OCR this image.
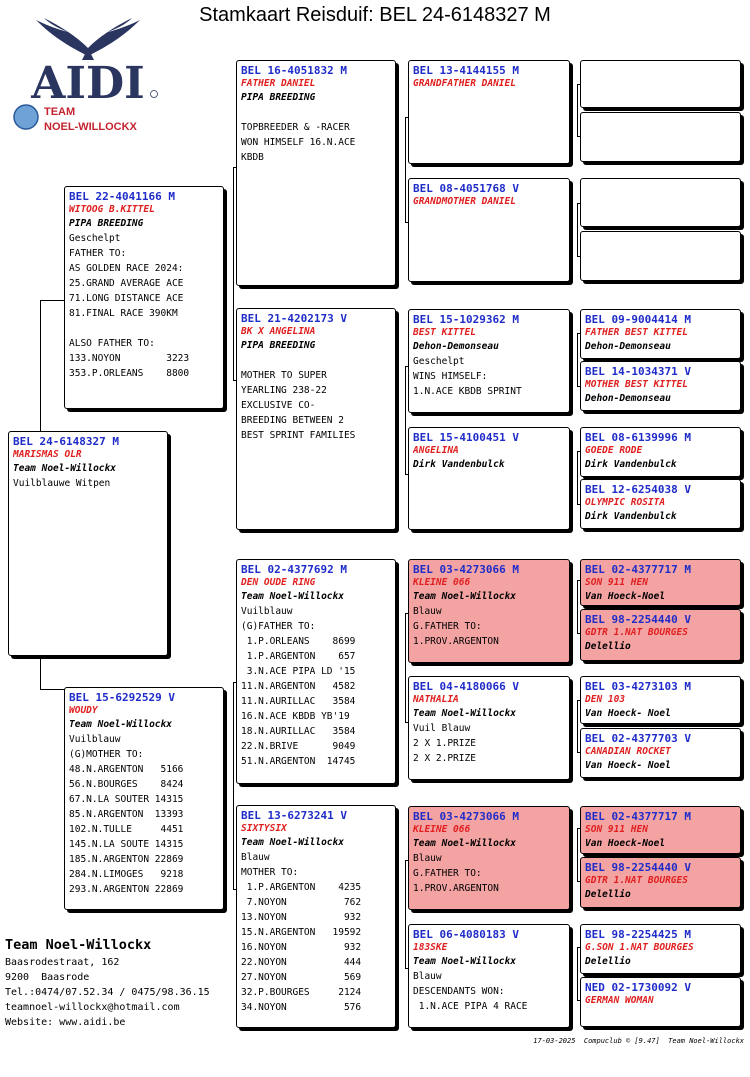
Stamkaart Reisduif: BEL 24-6148327 M
AIDI
TEAM
NOEL-WILLOCKX
BEL 24-6148327 M
MARISMAS OLR
Team Noel-Willockx
Vuilblauwe Witpen
BEL 22-4041166 M
WITOOG B.KITTEL
PIPA BREEDING
Geschelpt
FATHER TO:
AS GOLDEN RACE 2024:
25.GRAND AVERAGE ACE
71.LONG DISTANCE ACE
81.FINAL RACE 390KM

ALSO FATHER TO:
133.NOYON        3223
353.P.ORLEANS    8800
BEL 15-6292529 V
WOUDY
Team Noel-Willockx
Vuilblauw
(G)MOTHER TO:
48.N.ARGENTON   5166
56.N.BOURGES    8424
67.N.LA SOUTER 14315
85.N.ARGENTON  13393
102.N.TULLE     4451
145.N.LA SOUTE 14315
185.N.ARGENTON 22869
284.N.LIMOGES   9218
293.N.ARGENTON 22869
BEL 16-4051832 M
FATHER DANIEL
PIPA BREEDING

TOPBREEDER & -RACER
WON HIMSELF 16.N.ACE
KBDB
BEL 21-4202173 V
BK X ANGELINA
PIPA BREEDING

MOTHER TO SUPER
YEARLING 238-22
EXCLUSIVE CO-
BREEDING BETWEEN 2
BEST SPRINT FAMILIES
BEL 02-4377692 M
DEN OUDE RING
Team Noel-Willockx
Vuilblauw
(G)FATHER TO:
1.P.ORLEANS    8699
1.P.ARGENTON    657
3.N.ACE PIPA LD '15
11.N.ARGENTON   4582
11.N.AURILLAC   3584
16.N.ACE KBDB YB'19
18.N.AURILLAC   3584
22.N.BRIVE      9049
51.N.ARGENTON  14745
BEL 13-6273241 V
SIXTYSIX
Team Noel-Willockx
Blauw
MOTHER TO:
1.P.ARGENTON    4235
7.NOYON          762
13.NOYON          932
15.N.ARGENTON   19592
16.NOYON          932
22.NOYON          444
27.NOYON          569
32.P.BOURGES     2124
34.NOYON          576
BEL 13-4144155 M
GRANDFATHER DANIEL
BEL 08-4051768 V
GRANDMOTHER DANIEL
BEL 15-1029362 M
BEST KITTEL
Dehon-Demonseau
Geschelpt
WINS HIMSELF:
1.N.ACE KBDB SPRINT
BEL 15-4100451 V
ANGELINA
Dirk Vandenbulck
BEL 03-4273066 M
KLEINE 066
Team Noel-Willockx
Blauw
G.FATHER TO:
1.PROV.ARGENTON
BEL 04-4180066 V
NATHALIA
Team Noel-Willockx
Vuil Blauw
2 X 1.PRIZE
2 X 2.PRIZE
BEL 03-4273066 M
KLEINE 066
Team Noel-Willockx
Blauw
G.FATHER TO:
1.PROV.ARGENTON
BEL 06-4080183 V
183SKE
Team Noel-Willockx
Blauw
DESCENDANTS WON:
1.N.ACE PIPA 4 RACE
BEL 09-9004414 M
FATHER BEST KITTEL
Dehon-Demonseau
BEL 14-1034371 V
MOTHER BEST KITTEL
Dehon-Demonseau
BEL 08-6139996 M
GOEDE RODE
Dirk Vandenbulck
BEL 12-6254038 V
OLYMPIC ROSITA
Dirk Vandenbulck
BEL 02-4377717 M
SON 911 HEN
Van Hoeck-Noel
BEL 98-2254440 V
GDTR 1.NAT BOURGES
Delellio
BEL 03-4273103 M
DEN 103
Van Hoeck- Noel
BEL 02-4377703 V
CANADIAN ROCKET
Van Hoeck- Noel
BEL 02-4377717 M
SON 911 HEN
Van Hoeck-Noel
BEL 98-2254440 V
GDTR 1.NAT BOURGES
Delellio
BEL 98-2254425 M
G.SON 1.NAT BOURGES
Delellio
NED 02-1730092 V
GERMAN WOMAN
Team Noel-Willockx
Baasrodestraat, 162
9200  Baasrode
Tel.:0474/07.52.34 / 0475/98.36.15
teamnoel-willockx@hotmail.com
Website: www.aidi.be
17-03-2025  Compuclub © [9.47]  Team Noel-Willockx
